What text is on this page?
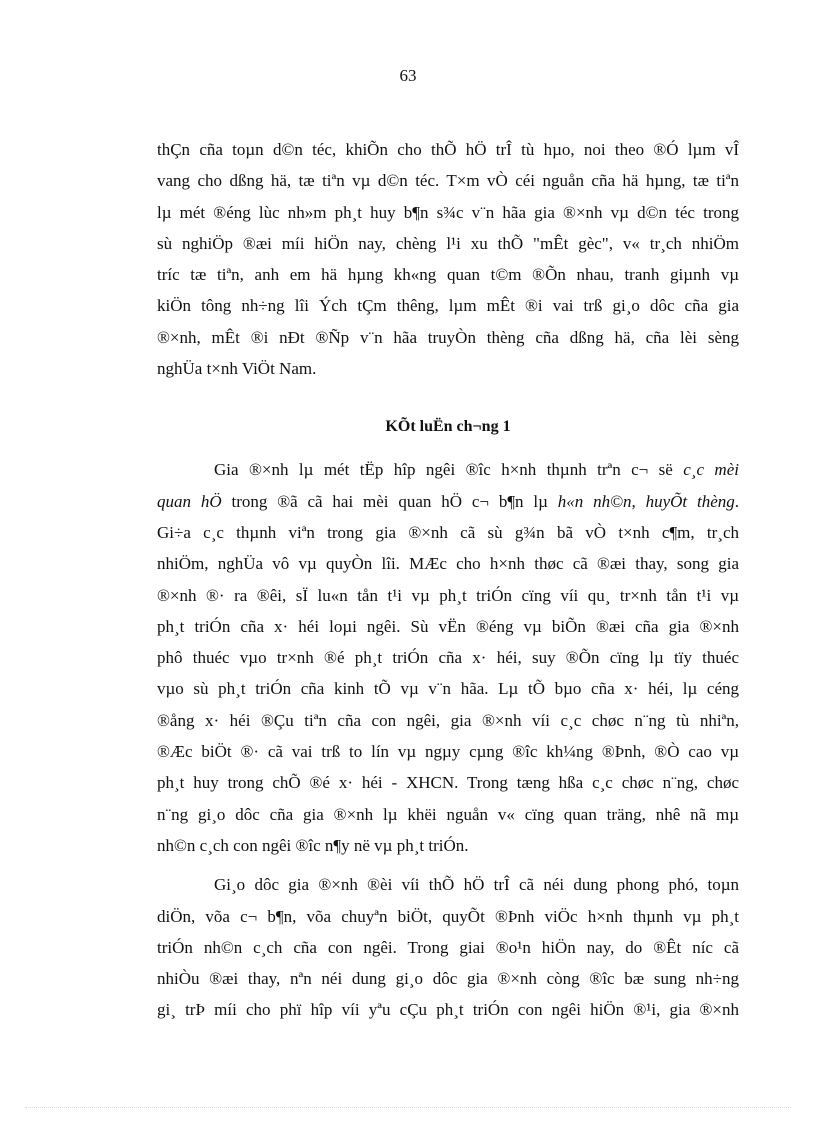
63
thÇn cña toµn d©n téc, khiÕn cho thÕ hÖ trÎ tù hµo, noi theo ®Ó lµm vÎ
vang cho dßng hä, tæ tiªn vµ d©n téc. T×m vÒ céi nguån cña hä hµng, tæ tiªn
lµ mét ®éng lùc nh»m ph¸t huy b¶n s¾c v¨n hãa gia ®×nh vµ d©n téc trong
sù nghiÖp ®æi míi hiÖn nay, chèng l¹i xu thÕ "mÊt gèc", v« tr¸ch nhiÖm
tríc tæ tiªn, anh em hä hµng kh«ng quan t©m ®Õn nhau, tranh giµnh vµ
kiÖn tông nh÷ng lîi Ých tÇm thêng, lµm mÊt ®i vai trß gi¸o dôc cña gia
®×nh, mÊt ®i nÐt ®Ñp v¨n hãa truyÒn thèng cña dßng hä, cña lèi sèng
nghÜa t×nh ViÖt Nam.
KÕt luËn ch¬ng 1
Gia ®×nh lµ mét tËp hîp ngêi ®îc h×nh thµnh trªn c¬ së c¸c mèi
quan hÖ trong ®ã cã hai mèi quan hÖ c¬ b¶n lµ h«n nh©n, huyÕt thèng.
Gi÷a c¸c thµnh viªn trong gia ®×nh cã sù g¾n bã vÒ t×nh c¶m, tr¸ch
nhiÖm, nghÜa vô vµ quyÒn lîi. MÆc cho h×nh thøc cã ®æi thay, song gia
®×nh ®· ra ®êi, sÏ lu«n tån t¹i vµ ph¸t triÓn cïng víi qu¸ tr×nh tån t¹i vµ
ph¸t triÓn cña x· héi loµi ngêi. Sù vËn ®éng vµ biÕn ®æi cña gia ®×nh
phô thuéc vµo tr×nh ®é ph¸t triÓn cña x· héi, suy ®Õn cïng lµ tïy thuéc
vµo sù ph¸t triÓn cña kinh tÕ vµ v¨n hãa. Lµ tÕ bµo cña x· héi, lµ céng
®ång x· héi ®Çu tiªn cña con ngêi, gia ®×nh víi c¸c chøc n¨ng tù nhiªn,
®Æc biÖt ®· cã vai trß to lín vµ ngµy cµng ®îc kh¼ng ®Þnh, ®Ò cao vµ
ph¸t huy trong chÕ ®é x· héi - XHCN. Trong tæng hßa c¸c chøc n¨ng, chøc
n¨ng gi¸o dôc cña gia ®×nh lµ khëi nguån v« cïng quan träng, nhê nã mµ
nh©n c¸ch con ngêi ®îc n¶y në vµ ph¸t triÓn.
Gi¸o dôc gia ®×nh ®èi víi thÕ hÖ trÎ cã néi dung phong phó, toµn
diÖn, võa c¬ b¶n, võa chuyªn biÖt, quyÕt ®Þnh viÖc h×nh thµnh vµ ph¸t
triÓn nh©n c¸ch cña con ngêi. Trong giai ®o¹n hiÖn nay, do ®Êt níc cã
nhiÒu ®æi thay, nªn néi dung gi¸o dôc gia ®×nh còng ®îc bæ sung nh÷ng
gi¸ trÞ míi cho phï hîp víi yªu cÇu ph¸t triÓn con ngêi hiÖn ®¹i, gia ®×nh
